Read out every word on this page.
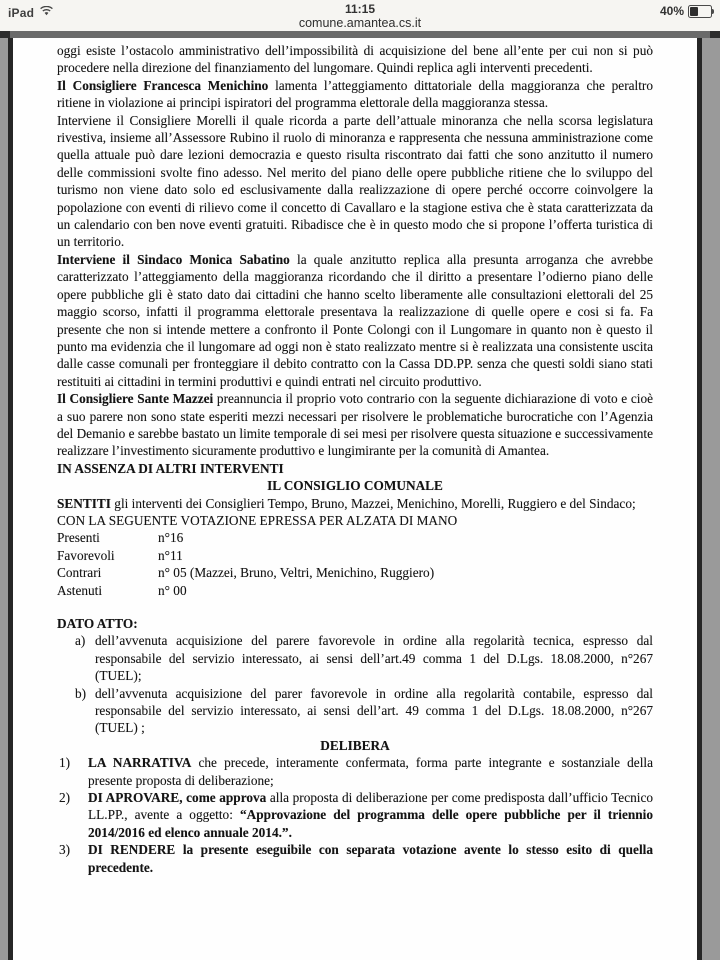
iPad	11:15
comune.amantea.cs.it
40%

oggi esiste l’ostacolo amministrativo dell’impossibilità di acquisizione del bene all’ente per cui non si può procedere nella direzione del finanziamento del lungomare. Quindi replica agli interventi precedenti.

Il Consigliere Francesca Menichino lamenta l’atteggiamento dittatoriale della maggioranza che peraltro ritiene in violazione ai principi ispiratori del programma elettorale della maggioranza stessa.

Interviene il Consigliere Morelli il quale ricorda a parte dell’attuale minoranza che nella scorsa legislatura rivestiva, insieme all’Assessore Rubino il ruolo di minoranza e rappresenta che nessuna amministrazione come quella attuale può dare lezioni democrazia e questo risulta riscontrato dai fatti che sono anzitutto il numero delle commissioni svolte fino adesso. Nel merito del piano delle opere pubbliche ritiene che lo sviluppo del turismo non viene dato solo ed esclusivamente dalla realizzazione di opere perché occorre coinvolgere la popolazione con eventi di rilievo come il concetto di Cavallaro e la stagione estiva che è stata caratterizzata da un calendario con ben nove eventi gratuiti. Ribadisce che è in questo modo che si propone l’offerta turistica di un territorio.

Interviene il Sindaco Monica Sabatino la quale anzitutto replica alla presunta arroganza che avrebbe caratterizzato l’atteggiamento della maggioranza ricordando che il diritto a presentare l’odierno piano delle opere pubbliche gli è stato dato dai cittadini che hanno scelto liberamente alle consultazioni elettorali del 25 maggio scorso, infatti il programma elettorale presentava la realizzazione di quelle opere e cosi si fa. Fa presente che non si intende mettere a confronto il Ponte Colongi con il Lungomare in quanto non è questo il punto ma evidenzia che il lungomare ad oggi non è stato realizzato mentre si è realizzata una consistente uscita dalle casse comunali per fronteggiare il debito contratto con la Cassa DD.PP. senza che questi soldi siano stati restituiti ai cittadini in termini produttivi e quindi entrati nel circuito produttivo.

Il Consigliere Sante Mazzei preannuncia il proprio voto contrario con la seguente dichiarazione di voto e cioè a suo parere non sono state esperiti mezzi necessari per risolvere le problematiche burocratiche con l’Agenzia del Demanio e sarebbe bastato un limite temporale di sei mesi per risolvere questa situazione e successivamente realizzare l’investimento sicuramente produttivo e lungimirante per la comunità di Amantea.

IN ASSENZA DI ALTRI INTERVENTI

IL CONSIGLIO COMUNALE

SENTITI gli interventi dei Consiglieri Tempo, Bruno, Mazzei, Menichino, Morelli, Ruggiero e del Sindaco;

CON LA SEGUENTE VOTAZIONE EPRESSA PER ALZATA DI MANO

Presenti	n°16
Favorevoli	n°11
Contrari	n° 05 (Mazzei, Bruno, Veltri, Menichino, Ruggiero)
Astenuti	n° 00

DATO ATTO:

a) dell’avvenuta acquisizione del parere favorevole in ordine alla regolarità tecnica, espresso dal responsabile del servizio interessato, ai sensi dell’art.49 comma 1 del D.Lgs. 18.08.2000, n°267 (TUEL);
b) dell’avvenuta acquisizione del parer favorevole in ordine alla regolarità contabile, espresso dal responsabile del servizio interessato, ai sensi dell’art. 49 comma 1 del D.Lgs. 18.08.2000, n°267 (TUEL) ;

DELIBERA

1) LA NARRATIVA che precede, interamente confermata, forma parte integrante e sostanziale della presente proposta di deliberazione;
2) DI APROVARE, come approva alla proposta di deliberazione per come predisposta dall’ufficio Tecnico LL.PP., avente a oggetto: “Approvazione del programma delle opere pubbliche per il triennio 2014/2016 ed elenco annuale 2014.”.
3) DI RENDERE la presente eseguibile con separata votazione avente lo stesso esito di quella precedente.
